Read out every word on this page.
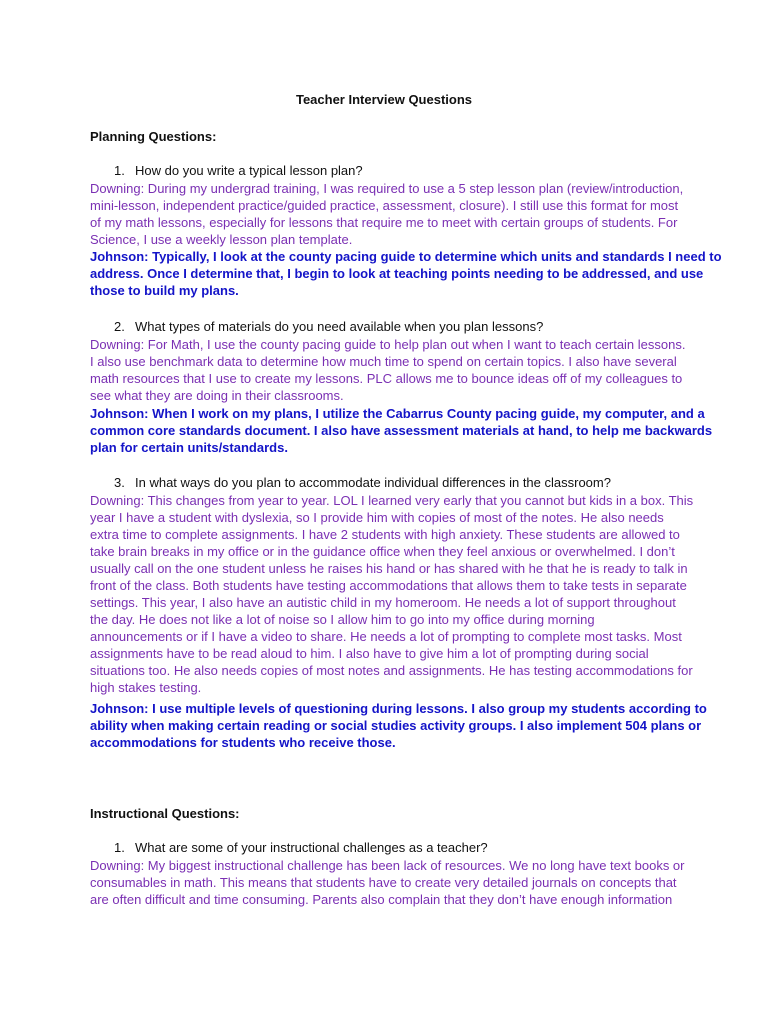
Teacher Interview Questions
Planning Questions:
1. How do you write a typical lesson plan?
Downing: During my undergrad training, I was required to use a 5 step lesson plan (review/introduction,
mini-lesson, independent practice/guided practice, assessment, closure). I still use this format for most
of my math lessons, especially for lessons that require me to meet with certain groups of students. For
Science, I use a weekly lesson plan template.
Johnson: Typically, I look at the county pacing guide to determine which units and standards I need to
address. Once I determine that, I begin to look at teaching points needing to be addressed, and use
those to build my plans.
2. What types of materials do you need available when you plan lessons?
Downing: For Math, I use the county pacing guide to help plan out when I want to teach certain lessons.
I also use benchmark data to determine how much time to spend on certain topics. I also have several
math resources that I use to create my lessons. PLC allows me to bounce ideas off of my colleagues to
see what they are doing in their classrooms.
Johnson: When I work on my plans, I utilize the Cabarrus County pacing guide, my computer, and a
common core standards document. I also have assessment materials at hand, to help me backwards
plan for certain units/standards.
3. In what ways do you plan to accommodate individual differences in the classroom?
Downing: This changes from year to year. LOL I learned very early that you cannot but kids in a box. This
year I have a student with dyslexia, so I provide him with copies of most of the notes. He also needs
extra time to complete assignments. I have 2 students with high anxiety. These students are allowed to
take brain breaks in my office or in the guidance office when they feel anxious or overwhelmed. I don’t
usually call on the one student unless he raises his hand or has shared with he that he is ready to talk in
front of the class. Both students have testing accommodations that allows them to take tests in separate
settings. This year, I also have an autistic child in my homeroom. He needs a lot of support throughout
the day. He does not like a lot of noise so I allow him to go into my office during morning
announcements or if I have a video to share. He needs a lot of prompting to complete most tasks. Most
assignments have to be read aloud to him. I also have to give him a lot of prompting during social
situations too. He also needs copies of most notes and assignments. He has testing accommodations for
high stakes testing.
Johnson: I use multiple levels of questioning during lessons. I also group my students according to
ability when making certain reading or social studies activity groups. I also implement 504 plans or
accommodations for students who receive those.
Instructional Questions:
1. What are some of your instructional challenges as a teacher?
Downing: My biggest instructional challenge has been lack of resources. We no long have text books or
consumables in math. This means that students have to create very detailed journals on concepts that
are often difficult and time consuming. Parents also complain that they don’t have enough information
